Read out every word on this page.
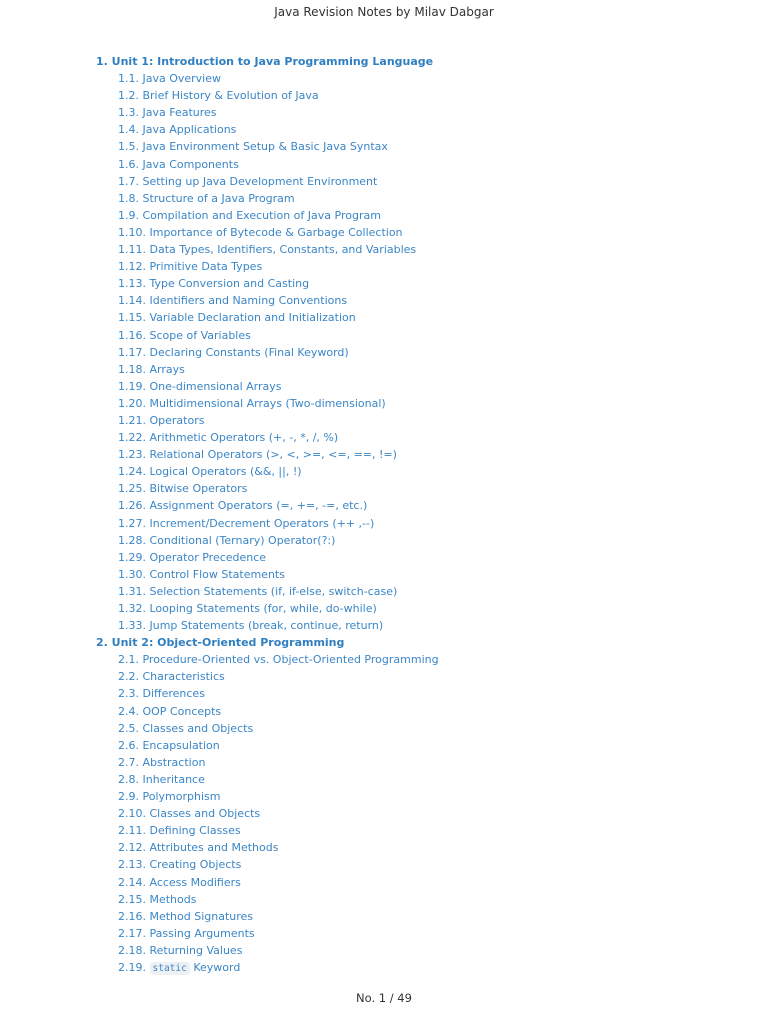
Java Revision Notes by Milav Dabgar
1. Unit 1: Introduction to Java Programming Language
1.1. Java Overview
1.2. Brief History & Evolution of Java
1.3. Java Features
1.4. Java Applications
1.5. Java Environment Setup & Basic Java Syntax
1.6. Java Components
1.7. Setting up Java Development Environment
1.8. Structure of a Java Program
1.9. Compilation and Execution of Java Program
1.10. Importance of Bytecode & Garbage Collection
1.11. Data Types, Identifiers, Constants, and Variables
1.12. Primitive Data Types
1.13. Type Conversion and Casting
1.14. Identifiers and Naming Conventions
1.15. Variable Declaration and Initialization
1.16. Scope of Variables
1.17. Declaring Constants (Final Keyword)
1.18. Arrays
1.19. One-dimensional Arrays
1.20. Multidimensional Arrays (Two-dimensional)
1.21. Operators
1.22. Arithmetic Operators (+, -, *, /, %)
1.23. Relational Operators (>, <, >=, <=, ==, !=)
1.24. Logical Operators (&&, ||, !)
1.25. Bitwise Operators
1.26. Assignment Operators (=, +=, -=, etc.)
1.27. Increment/Decrement Operators (++ ,--)
1.28. Conditional (Ternary) Operator(?:)
1.29. Operator Precedence
1.30. Control Flow Statements
1.31. Selection Statements (if, if-else, switch-case)
1.32. Looping Statements (for, while, do-while)
1.33. Jump Statements (break, continue, return)
2. Unit 2: Object-Oriented Programming
2.1. Procedure-Oriented vs. Object-Oriented Programming
2.2. Characteristics
2.3. Differences
2.4. OOP Concepts
2.5. Classes and Objects
2.6. Encapsulation
2.7. Abstraction
2.8. Inheritance
2.9. Polymorphism
2.10. Classes and Objects
2.11. Defining Classes
2.12. Attributes and Methods
2.13. Creating Objects
2.14. Access Modifiers
2.15. Methods
2.16. Method Signatures
2.17. Passing Arguments
2.18. Returning Values
2.19. static Keyword
No. 1 / 49
